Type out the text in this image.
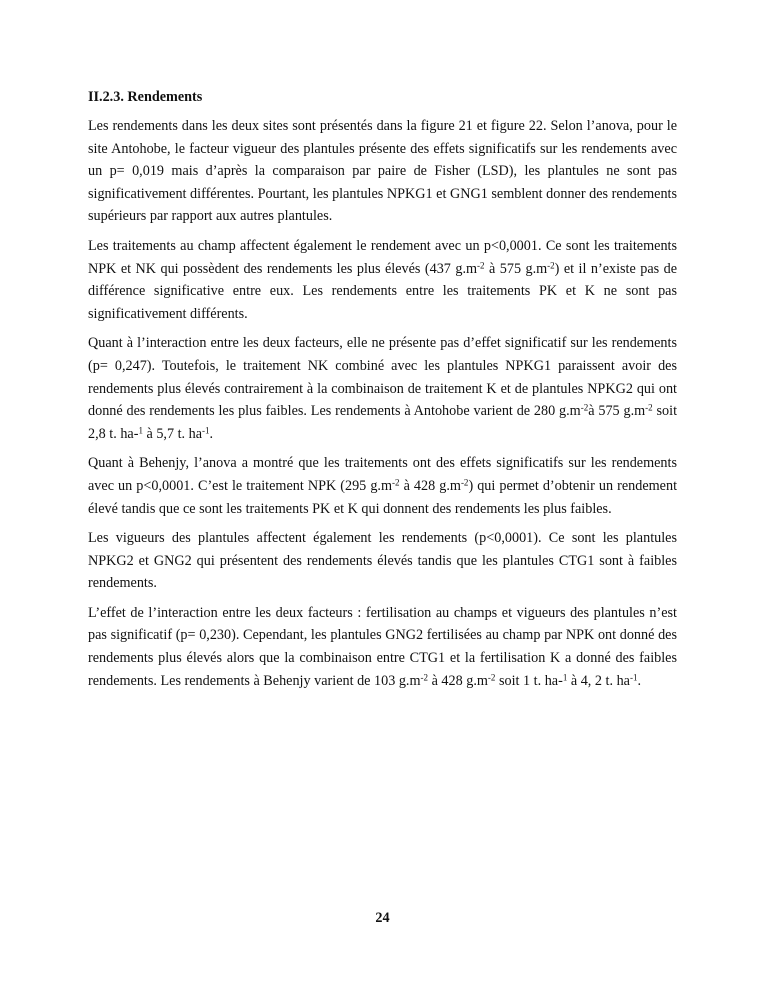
II.2.3. Rendements

Les rendements dans les deux sites sont présentés dans la figure 21 et figure 22. Selon l’anova, pour le site Antohobe, le facteur vigueur des plantules présente des effets significatifs sur les rendements avec un p= 0,019 mais d’après la comparaison par paire de Fisher (LSD), les plantules ne sont pas significativement différentes. Pourtant, les plantules NPKG1 et GNG1 semblent donner des rendements supérieurs par rapport aux autres plantules.

Les traitements au champ affectent également le rendement avec un p<0,0001. Ce sont les traitements NPK et NK qui possèdent des rendements les plus élevés (437 $g.m^{-2}$ à 575 $g.m^{-2}$) et il n’existe pas de différence significative entre eux. Les rendements entre les traitements PK et K ne sont pas significativement différents.

Quant à l’interaction entre les deux facteurs, elle ne présente pas d’effet significatif sur les rendements (p= 0,247). Toutefois, le traitement NK combiné avec les plantules NPKG1 paraissent avoir des rendements plus élevés contrairement à la combinaison de traitement K et de plantules NPKG2 qui ont donné des rendements les plus faibles. Les rendements à Antohobe varient de 280 $g.m^{-2}à$ 575 $g.m^{-2}$ soit 2,8 t. ha-$^1$ à 5,7 t. $ha^{-1}$.

Quant à Behenjy, l’anova a montré que les traitements ont des effets significatifs sur les rendements avec un p<0,0001. C’est le traitement NPK (295 $g.m^{-2}$ à 428 $g.m^{-2}$) qui permet d’obtenir un rendement élevé tandis que ce sont les traitements PK et K qui donnent des rendements les plus faibles.

Les vigueurs des plantules affectent également les rendements (p<0,0001). Ce sont les plantules NPKG2 et GNG2 qui présentent des rendements élevés tandis que les plantules CTG1 sont à faibles rendements.

L’effet de l’interaction entre les deux facteurs : fertilisation au champs et vigueurs des plantules n’est pas significatif (p= 0,230). Cependant, les plantules GNG2 fertilisées au champ par NPK ont donné des rendements plus élevés alors que la combinaison entre CTG1 et la fertilisation K a donné des faibles rendements. Les rendements à Behenjy varient de 103 $g.m^{-2}$ à 428 $g.m^{-2}$ soit 1 t. ha-$^1$ à 4, 2 t. $ha^{-1}$.

24
